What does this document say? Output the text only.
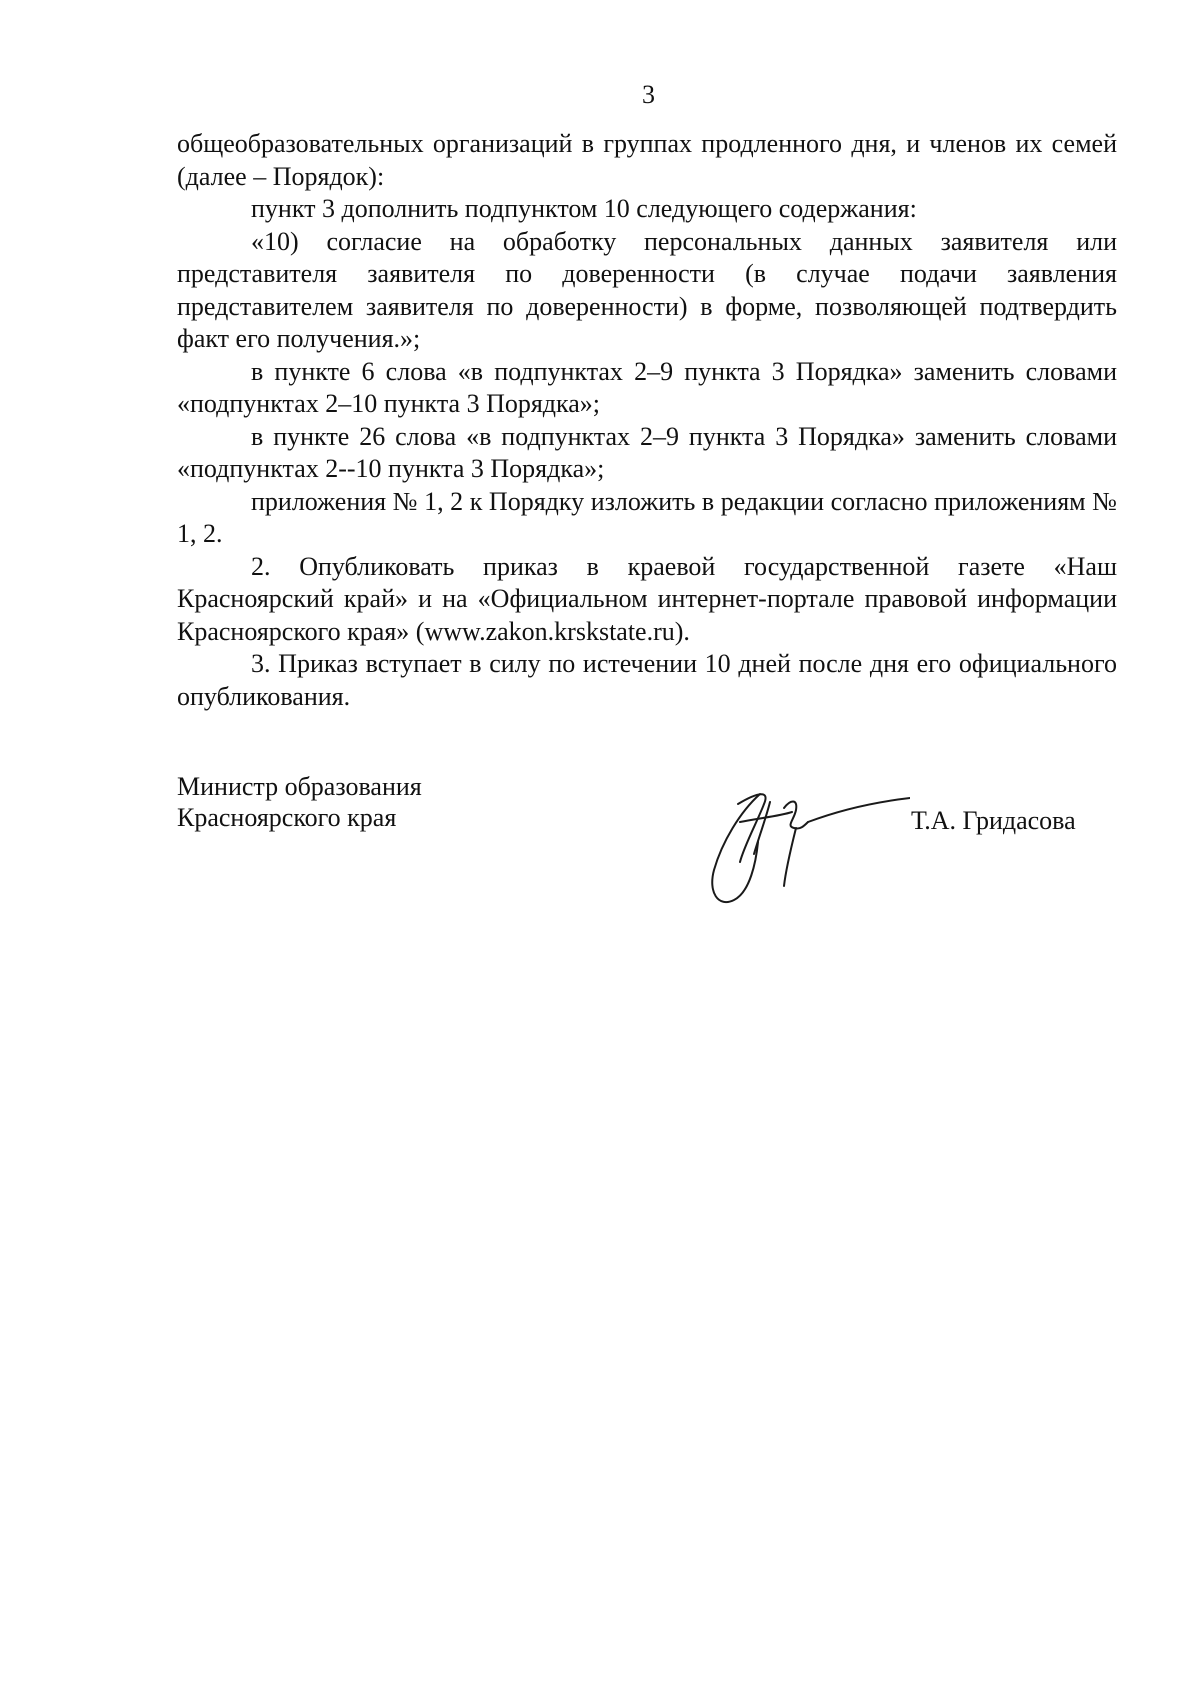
3

общеобразовательных организаций в группах продленного дня, и членов их семей (далее – Порядок):

пункт 3 дополнить подпунктом 10 следующего содержания:

«10) согласие на обработку персональных данных заявителя или представителя заявителя по доверенности (в случае подачи заявления представителем заявителя по доверенности) в форме, позволяющей подтвердить факт его получения.»;

в пункте 6 слова «в подпунктах 2–9 пункта 3 Порядка» заменить словами «подпунктах 2–10 пункта 3 Порядка»;

в пункте 26 слова «в подпунктах 2–9 пункта 3 Порядка» заменить словами «подпунктах 2--10 пункта 3 Порядка»;

приложения № 1, 2 к Порядку изложить в редакции согласно приложениям № 1, 2.

2. Опубликовать приказ в краевой государственной газете «Наш Красноярский край» и на «Официальном интернет-портале правовой информации Красноярского края» (www.zakon.krskstate.ru).

3. Приказ вступает в силу по истечении 10 дней после дня его официального опубликования.

Министр образования
Красноярского края	Т.А. Гридасова
